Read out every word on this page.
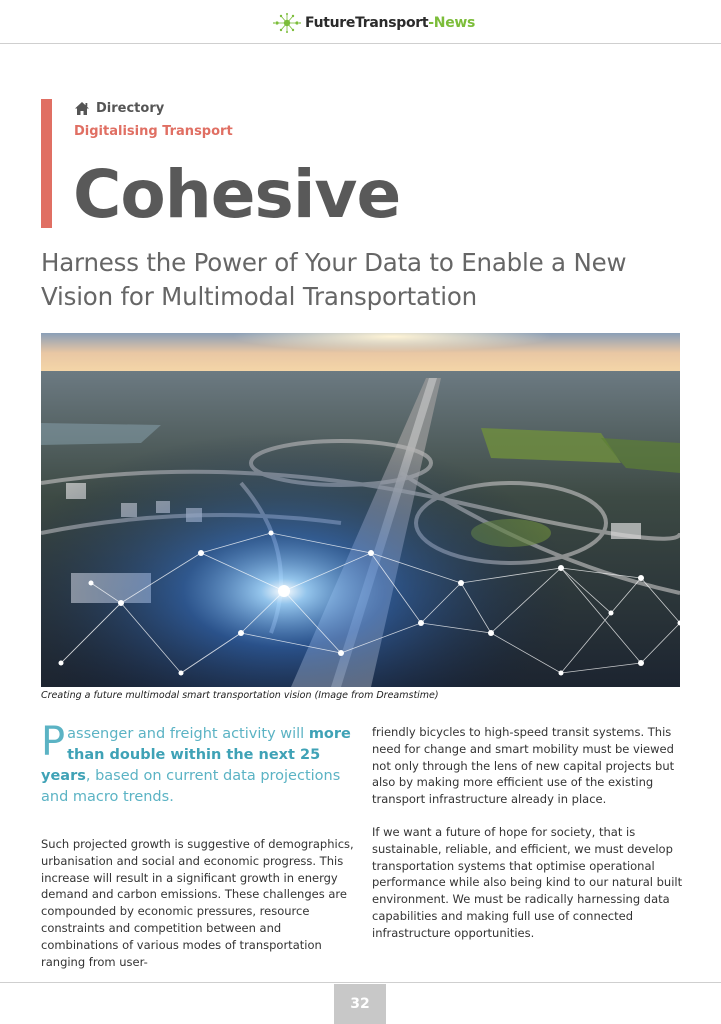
FutureTransport-News
Directory
Digitalising Transport
Cohesive
Harness the Power of Your Data to Enable a New Vision for Multimodal Transportation
Creating a future multimodal smart transportation vision (Image from Dreamstime)

Passenger and freight activity will more than double within the next 25 years, based on current data projections and macro trends.

Such projected growth is suggestive of demographics, urbanisation and social and economic progress. This increase will result in a significant growth in energy demand and carbon emissions. These challenges are compounded by economic pressures, resource constraints and competition between and combinations of various modes of transportation ranging from user-

friendly bicycles to high-speed transit systems. This need for change and smart mobility must be viewed not only through the lens of new capital projects but also by making more efficient use of the existing transport infrastructure already in place.

If we want a future of hope for society, that is sustainable, reliable, and efficient, we must develop transportation systems that optimise operational performance while also being kind to our natural built environment. We must be radically harnessing data capabilities and making full use of connected infrastructure opportunities.

32
